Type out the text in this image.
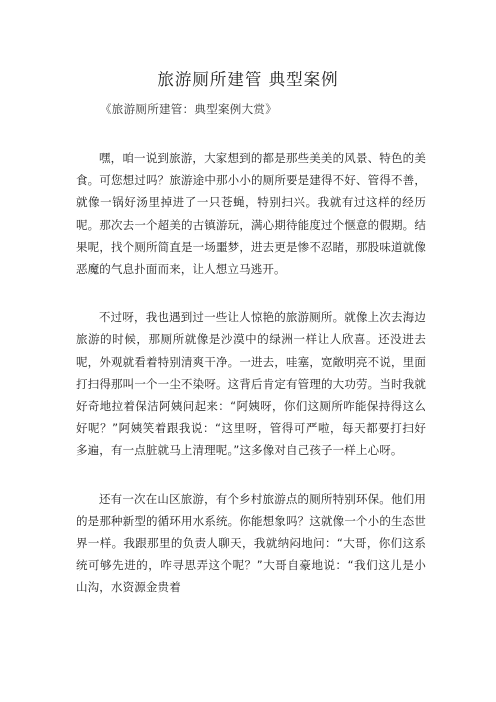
旅游厕所建管 典型案例

《旅游厕所建管：典型案例大赏》

嘿，咱一说到旅游，大家想到的都是那些美美的风景、特色的美食。可您想过吗？旅游途中那小小的厕所要是建得不好、管得不善，就像一锅好汤里掉进了一只苍蝇，特别扫兴。我就有过这样的经历呢。那次去一个超美的古镇游玩，满心期待能度过个惬意的假期。结果呢，找个厕所简直是一场噩梦，进去更是惨不忍睹，那股味道就像恶魔的气息扑面而来，让人想立马逃开。

不过呀，我也遇到过一些让人惊艳的旅游厕所。就像上次去海边旅游的时候，那厕所就像是沙漠中的绿洲一样让人欣喜。还没进去呢，外观就看着特别清爽干净。一进去，哇塞，宽敞明亮不说，里面打扫得那叫一个一尘不染呀。这背后肯定有管理的大功劳。当时我就好奇地拉着保洁阿姨问起来：“阿姨呀，你们这厕所咋能保持得这么好呢？”阿姨笑着跟我说：“这里呀，管得可严啦，每天都要打扫好多遍，有一点脏就马上清理呢。”这多像对自己孩子一样上心呀。

还有一次在山区旅游，有个乡村旅游点的厕所特别环保。他们用的是那种新型的循环用水系统。你能想象吗？这就像一个小的生态世界一样。我跟那里的负责人聊天，我就纳闷地问：“大哥，你们这系统可够先进的，咋寻思弄这个呢？”大哥自豪地说：“我们这儿是小山沟，水资源金贵着
